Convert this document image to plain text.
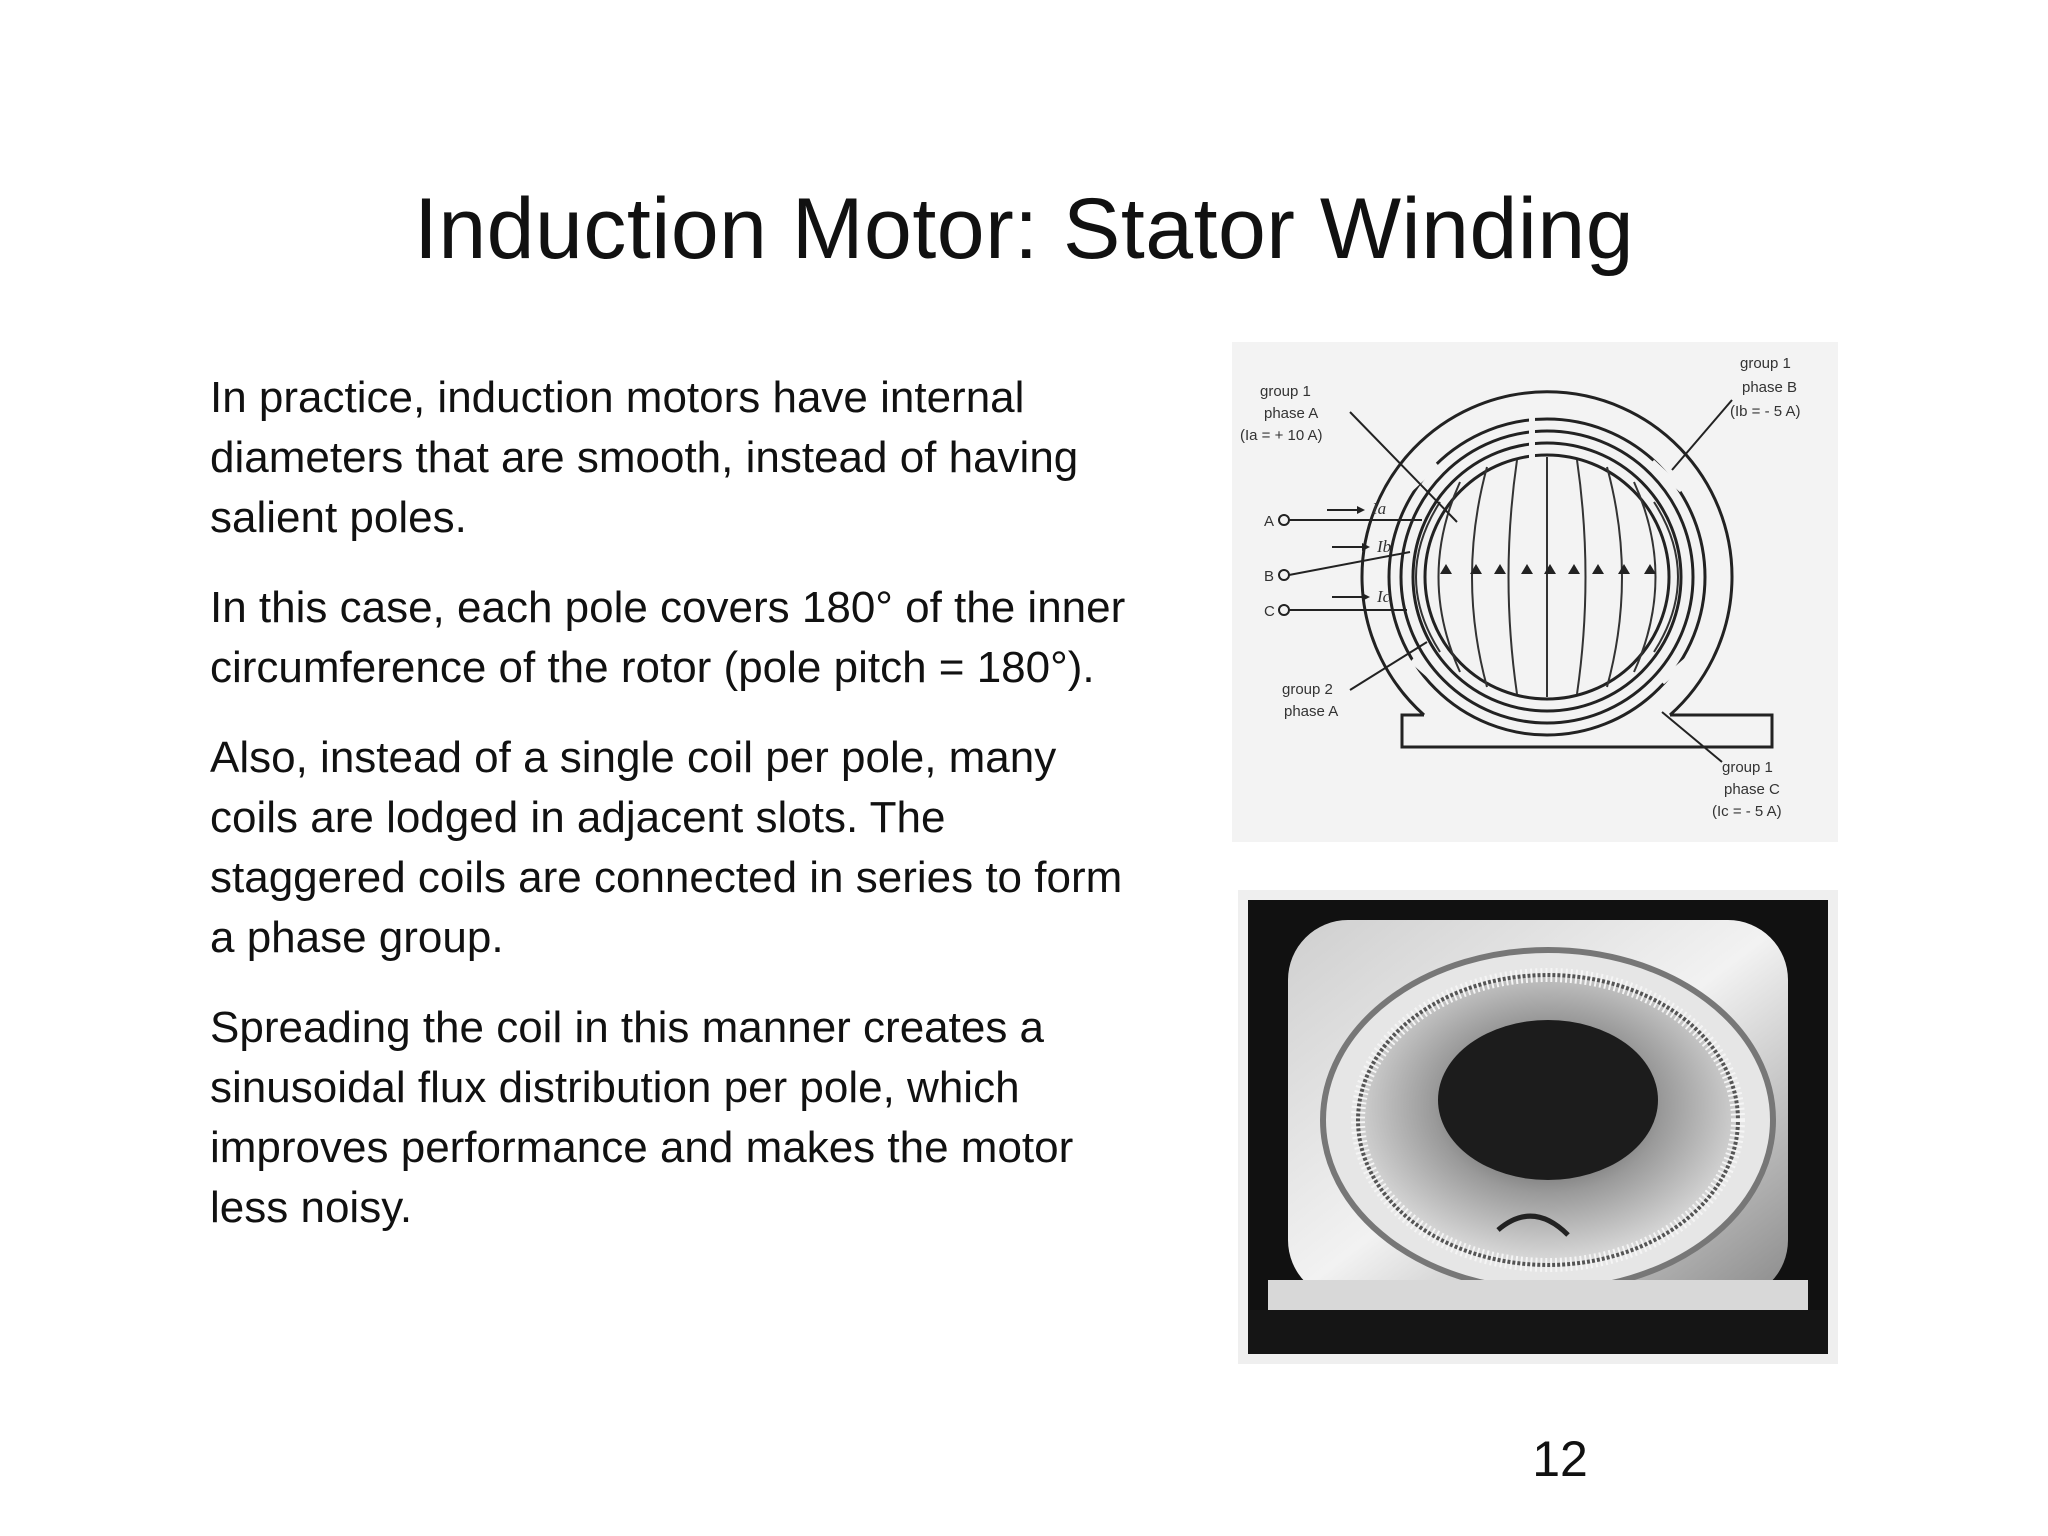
Induction Motor: Stator Winding

In practice, induction motors have internal diameters that are smooth, instead of having salient poles.

In this case, each pole covers 180° of the inner circumference of the rotor (pole pitch = 180°).

Also, instead of a single coil per pole, many coils are lodged in adjacent slots. The staggered coils are connected in series to form a phase group.

Spreading the coil in this manner creates a sinusoidal flux distribution per pole, which improves performance and makes the motor less noisy.

group 1
phase A
(Ia = + 10 A)
group 1
phase B
(Ib = - 5 A)
group 1
phase C
(Ic = - 5 A)
group 2
phase A
A
B
C
Ia
Ib
Ic
12
